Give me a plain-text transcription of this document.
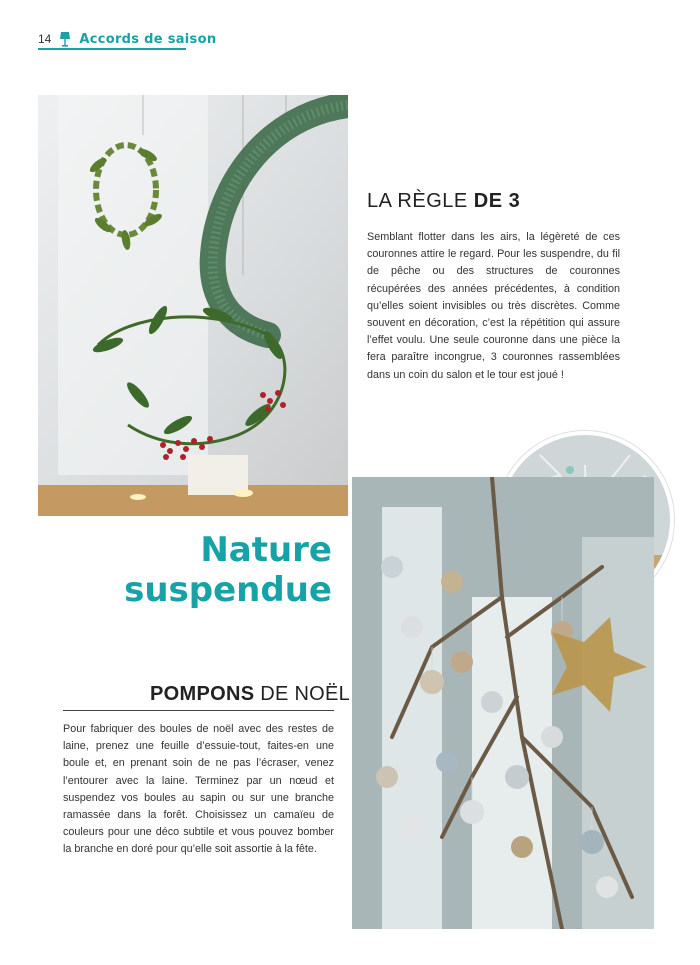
14 Accords de saison
LA RÈGLE DE 3

Semblant flotter dans les airs, la légèreté de ces couronnes attire le regard. Pour les suspendre, du fil de pêche ou des structures de couronnes récupérées des années précédentes, à condition qu’elles soient invisibles ou très discrètes. Comme souvent en décoration, c’est la répétition qui assure l’effet voulu. Une seule couronne dans une pièce la fera paraître incongrue, 3 couronnes rassemblées dans un coin du salon et le tour est joué !

Nature
suspendue
POMPONS DE NOËL

Pour fabriquer des boules de noël avec des restes de laine, prenez une feuille d’essuie-tout, faites-en une boule et, en prenant soin de ne pas l’écraser, venez l’entourer avec la laine. Terminez par un nœud et suspendez vos boules au sapin ou sur une branche ramassée dans la forêt. Choisissez un camaïeu de couleurs pour une déco subtile et vous pouvez bomber la branche en doré pour qu’elle soit assortie à la fête.
